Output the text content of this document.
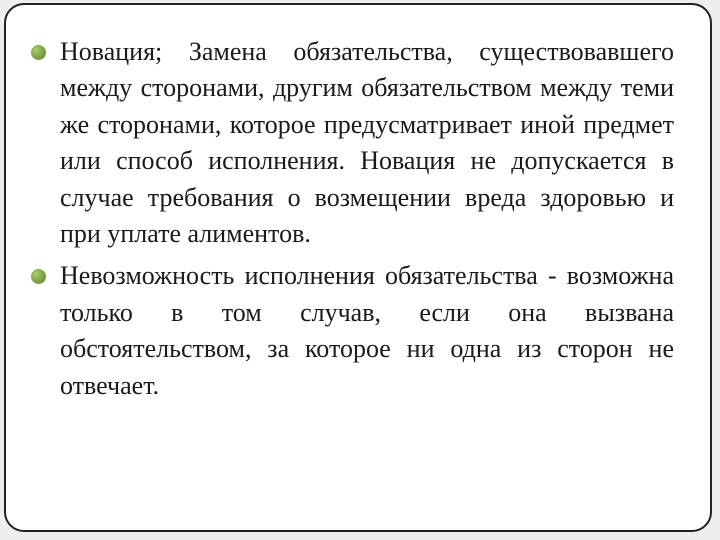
Новация; Замена обязательства, существовавшего между сторонами, другим обязательством между теми же сторонами, которое предусматривает иной предмет или способ исполнения. Новация не допускается в случае требования о возмещении вреда здоровью и при уплате алиментов.
Невозможность исполнения обязательства - возможна только в том случав, если она вызвана обстоятельством, за которое ни одна из сторон не отвечает.
